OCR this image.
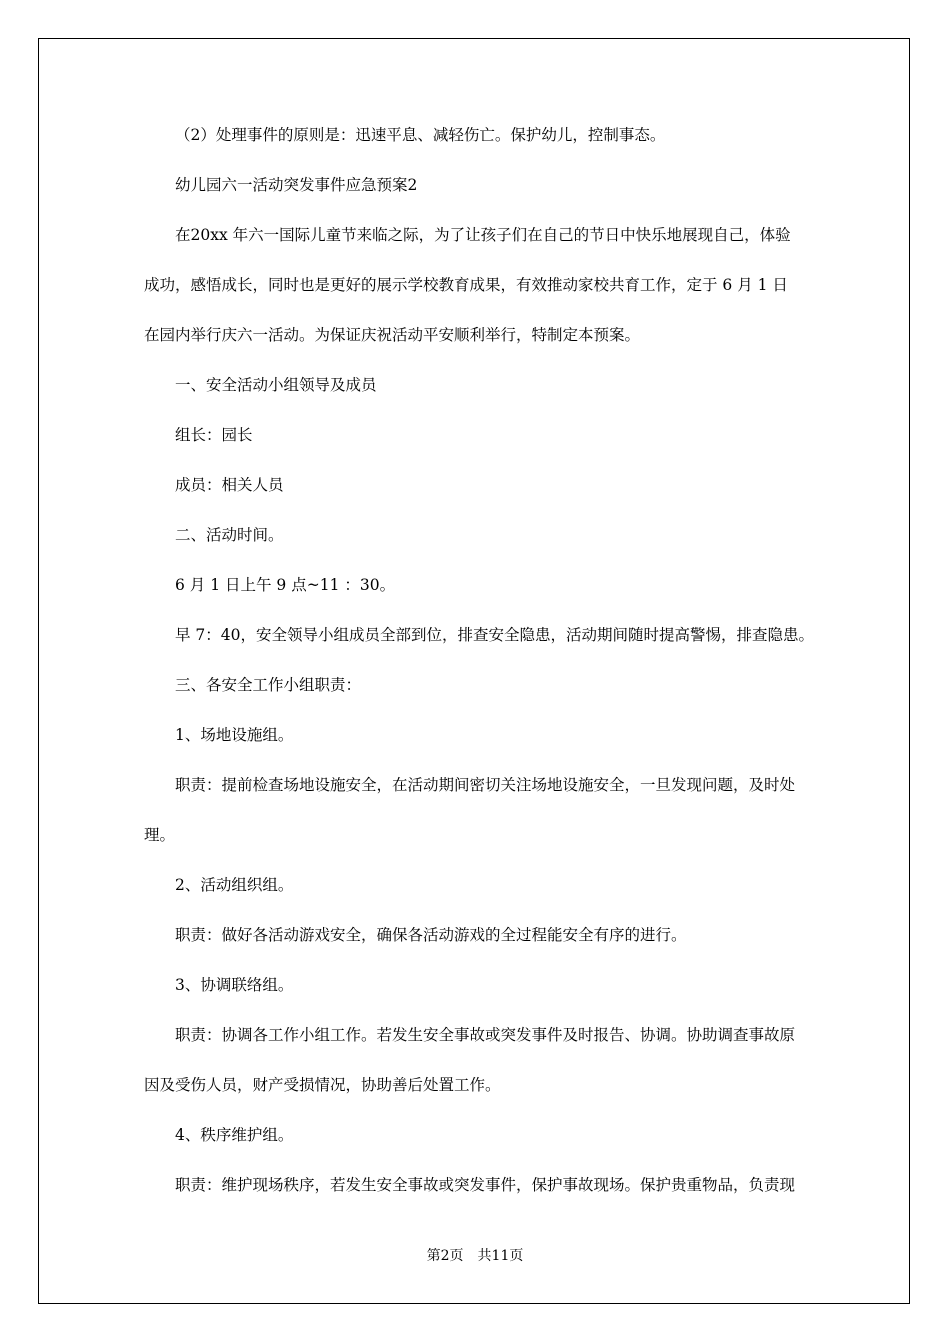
（2）处理事件的原则是：迅速平息、减轻伤亡。保护幼儿，控制事态。

幼儿园六一活动突发事件应急预案2

在20xx 年六一国际儿童节来临之际，为了让孩子们在自己的节日中快乐地展现自己，体验

成功，感悟成长，同时也是更好的展示学校教育成果，有效推动家校共育工作，定于 6 月 1 日

在园内举行庆六一活动。为保证庆祝活动平安顺利举行，特制定本预案。

一、安全活动小组领导及成员

组长：园长

成员：相关人员

二、活动时间。

6 月 1 日上午 9 点~11 ：30。

早 7：40，安全领导小组成员全部到位，排查安全隐患，活动期间随时提高警惕，排查隐患。

三、各安全工作小组职责：

1、场地设施组。

职责：提前检查场地设施安全，在活动期间密切关注场地设施安全，一旦发现问题，及时处

理。

2、活动组织组。

职责：做好各活动游戏安全，确保各活动游戏的全过程能安全有序的进行。

3、协调联络组。

职责：协调各工作小组工作。若发生安全事故或突发事件及时报告、协调。协助调查事故原

因及受伤人员，财产受损情况，协助善后处置工作。

4、秩序维护组。

职责：维护现场秩序，若发生安全事故或突发事件，保护事故现场。保护贵重物品，负责现

第2页 共11页
